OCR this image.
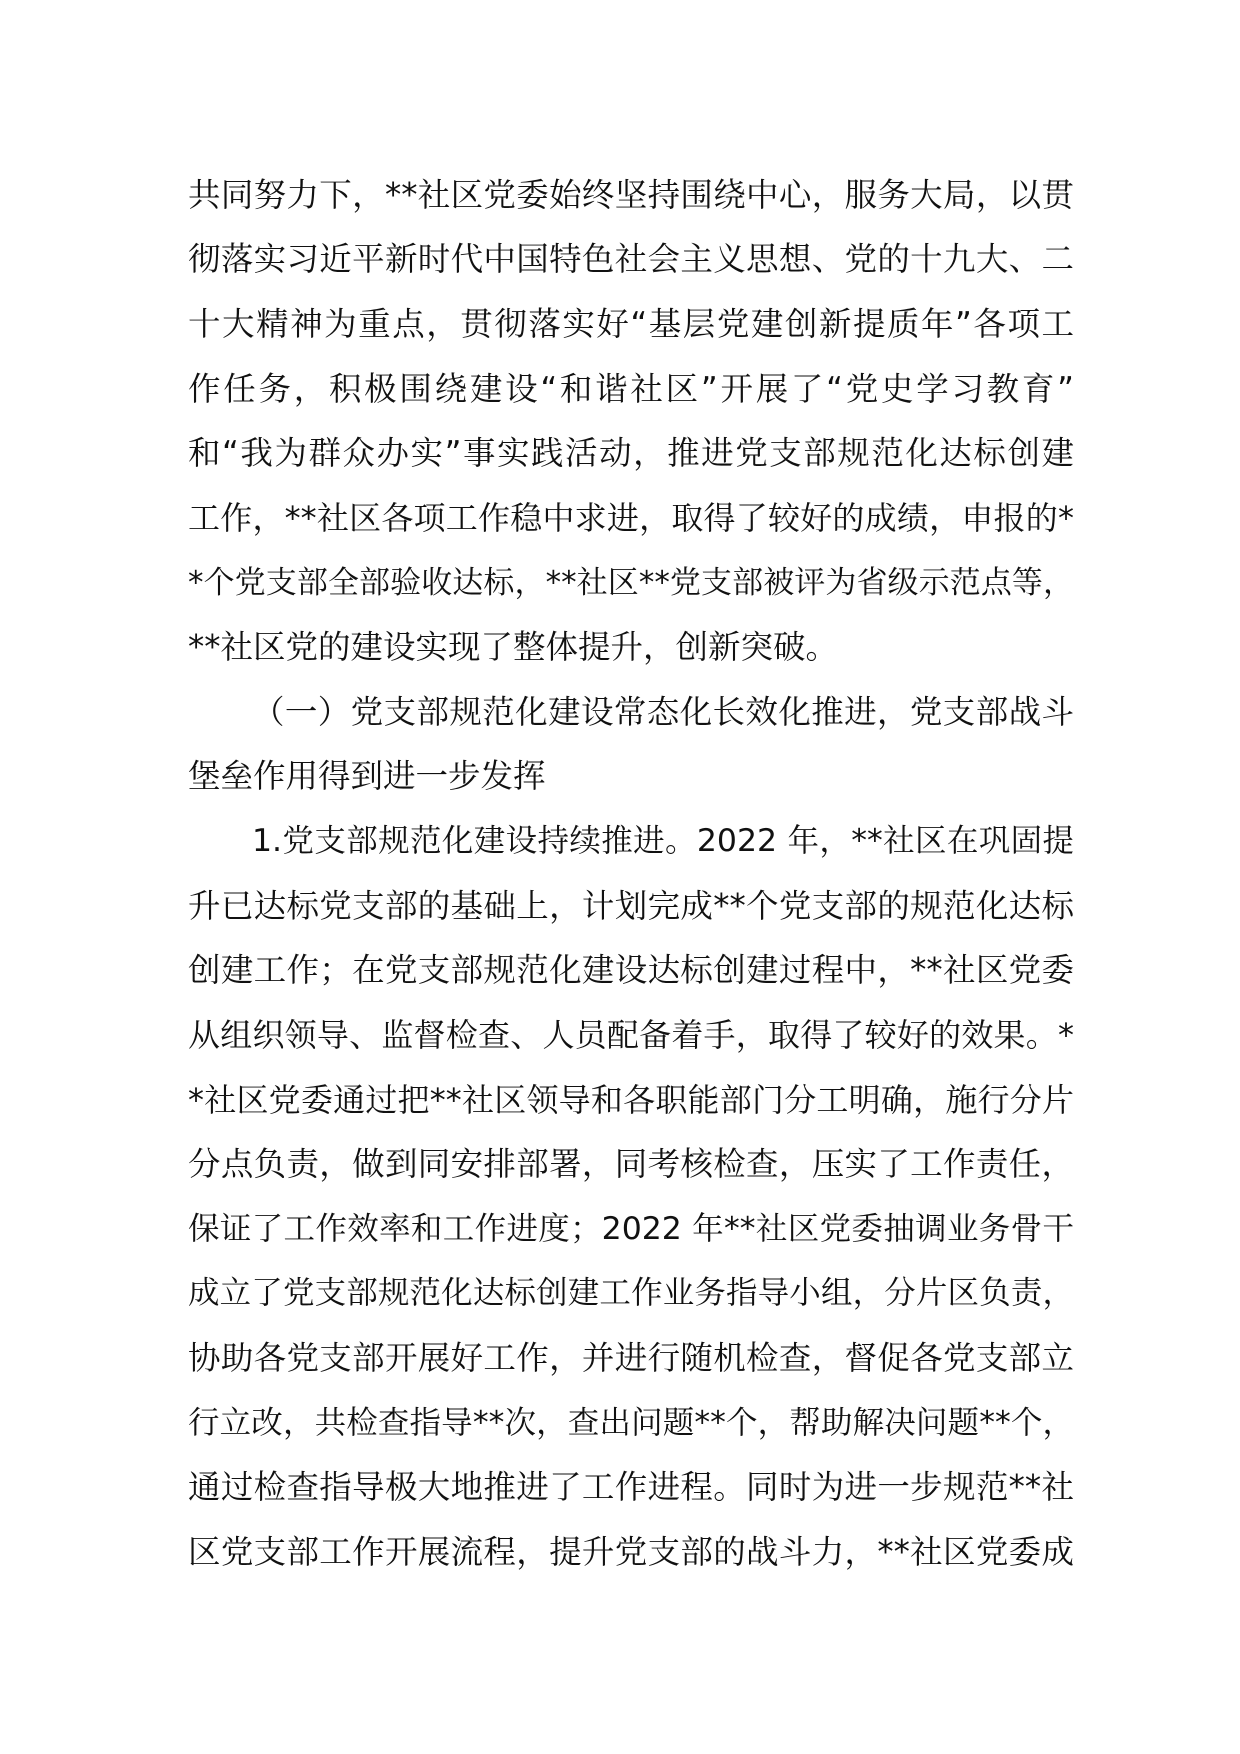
共同努力下，**社区党委始终坚持围绕中心，服务大局，以贯
彻落实习近平新时代中国特色社会主义思想、党的十九大、二
十大精神为重点，贯彻落实好“基层党建创新提质年”各项工
作任务，积极围绕建设“和谐社区”开展了“党史学习教育”
和“我为群众办实”事实践活动，推进党支部规范化达标创建
工作，**社区各项工作稳中求进，取得了较好的成绩，申报的*
*个党支部全部验收达标，**社区**党支部被评为省级示范点等，
**社区党的建设实现了整体提升，创新突破。
（一）党支部规范化建设常态化长效化推进，党支部战斗
堡垒作用得到进一步发挥
1.党支部规范化建设持续推进。2022 年，**社区在巩固提
升已达标党支部的基础上，计划完成**个党支部的规范化达标
创建工作；在党支部规范化建设达标创建过程中，**社区党委
从组织领导、监督检查、人员配备着手，取得了较好的效果。*
*社区党委通过把**社区领导和各职能部门分工明确，施行分片
分点负责，做到同安排部署，同考核检查，压实了工作责任，
保证了工作效率和工作进度；2022 年**社区党委抽调业务骨干
成立了党支部规范化达标创建工作业务指导小组，分片区负责，
协助各党支部开展好工作，并进行随机检查，督促各党支部立
行立改，共检查指导**次，查出问题**个，帮助解决问题**个，
通过检查指导极大地推进了工作进程。同时为进一步规范**社
区党支部工作开展流程，提升党支部的战斗力，**社区党委成
